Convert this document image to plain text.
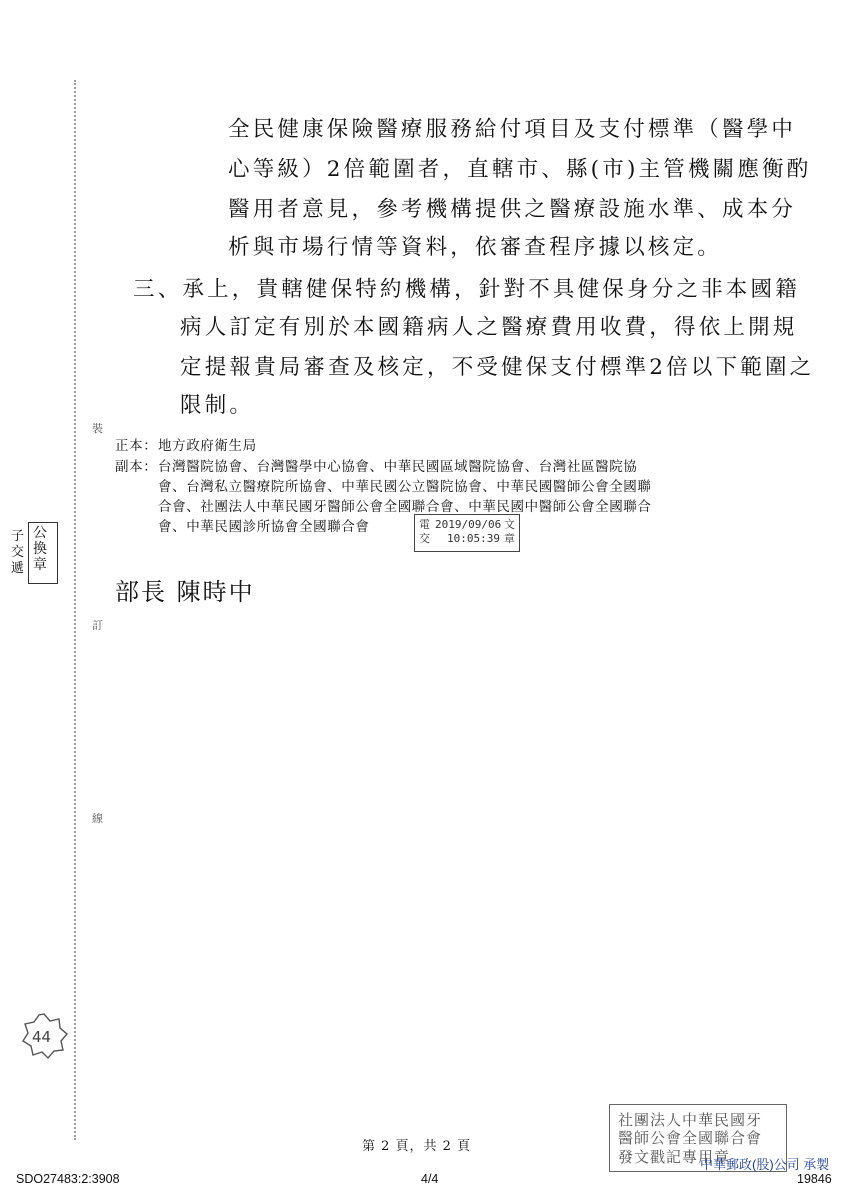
裝
訂
線
全民健康保險醫療服務給付項目及支付標準（醫學中
心等級）2倍範圍者，直轄市、縣(市)主管機關應衡酌
醫用者意見，參考機構提供之醫療設施水準、成本分
析與市場行情等資料，依審查程序據以核定。
三、承上，貴轄健保特約機構，針對不具健保身分之非本國籍
病人訂定有別於本國籍病人之醫療費用收費，得依上開規
定提報貴局審查及核定，不受健保支付標準2倍以下範圍之
限制。
正本： 地方政府衛生局
副本： 台灣醫院協會、台灣醫學中心協會、中華民國區域醫院協會、台灣社區醫院協
會、台灣私立醫療院所協會、中華民國公立醫院協會、中華民國醫師公會全國聯
合會、社團法人中華民國牙醫師公會全國聯合會、中華民國中醫師公會全國聯合
會、中華民國診所協會全國聯合會	電
交
2019/09/06
10:05:39
文
章
公
換
章
子
交
遞
部長 陳時中
44
社團法人中華民國牙
醫師公會全國聯合會
發文戳記專用章
第 2 頁，共 2 頁
SDO27483:2:3908	4/4
中華郵政(股)公司 承製
19846
